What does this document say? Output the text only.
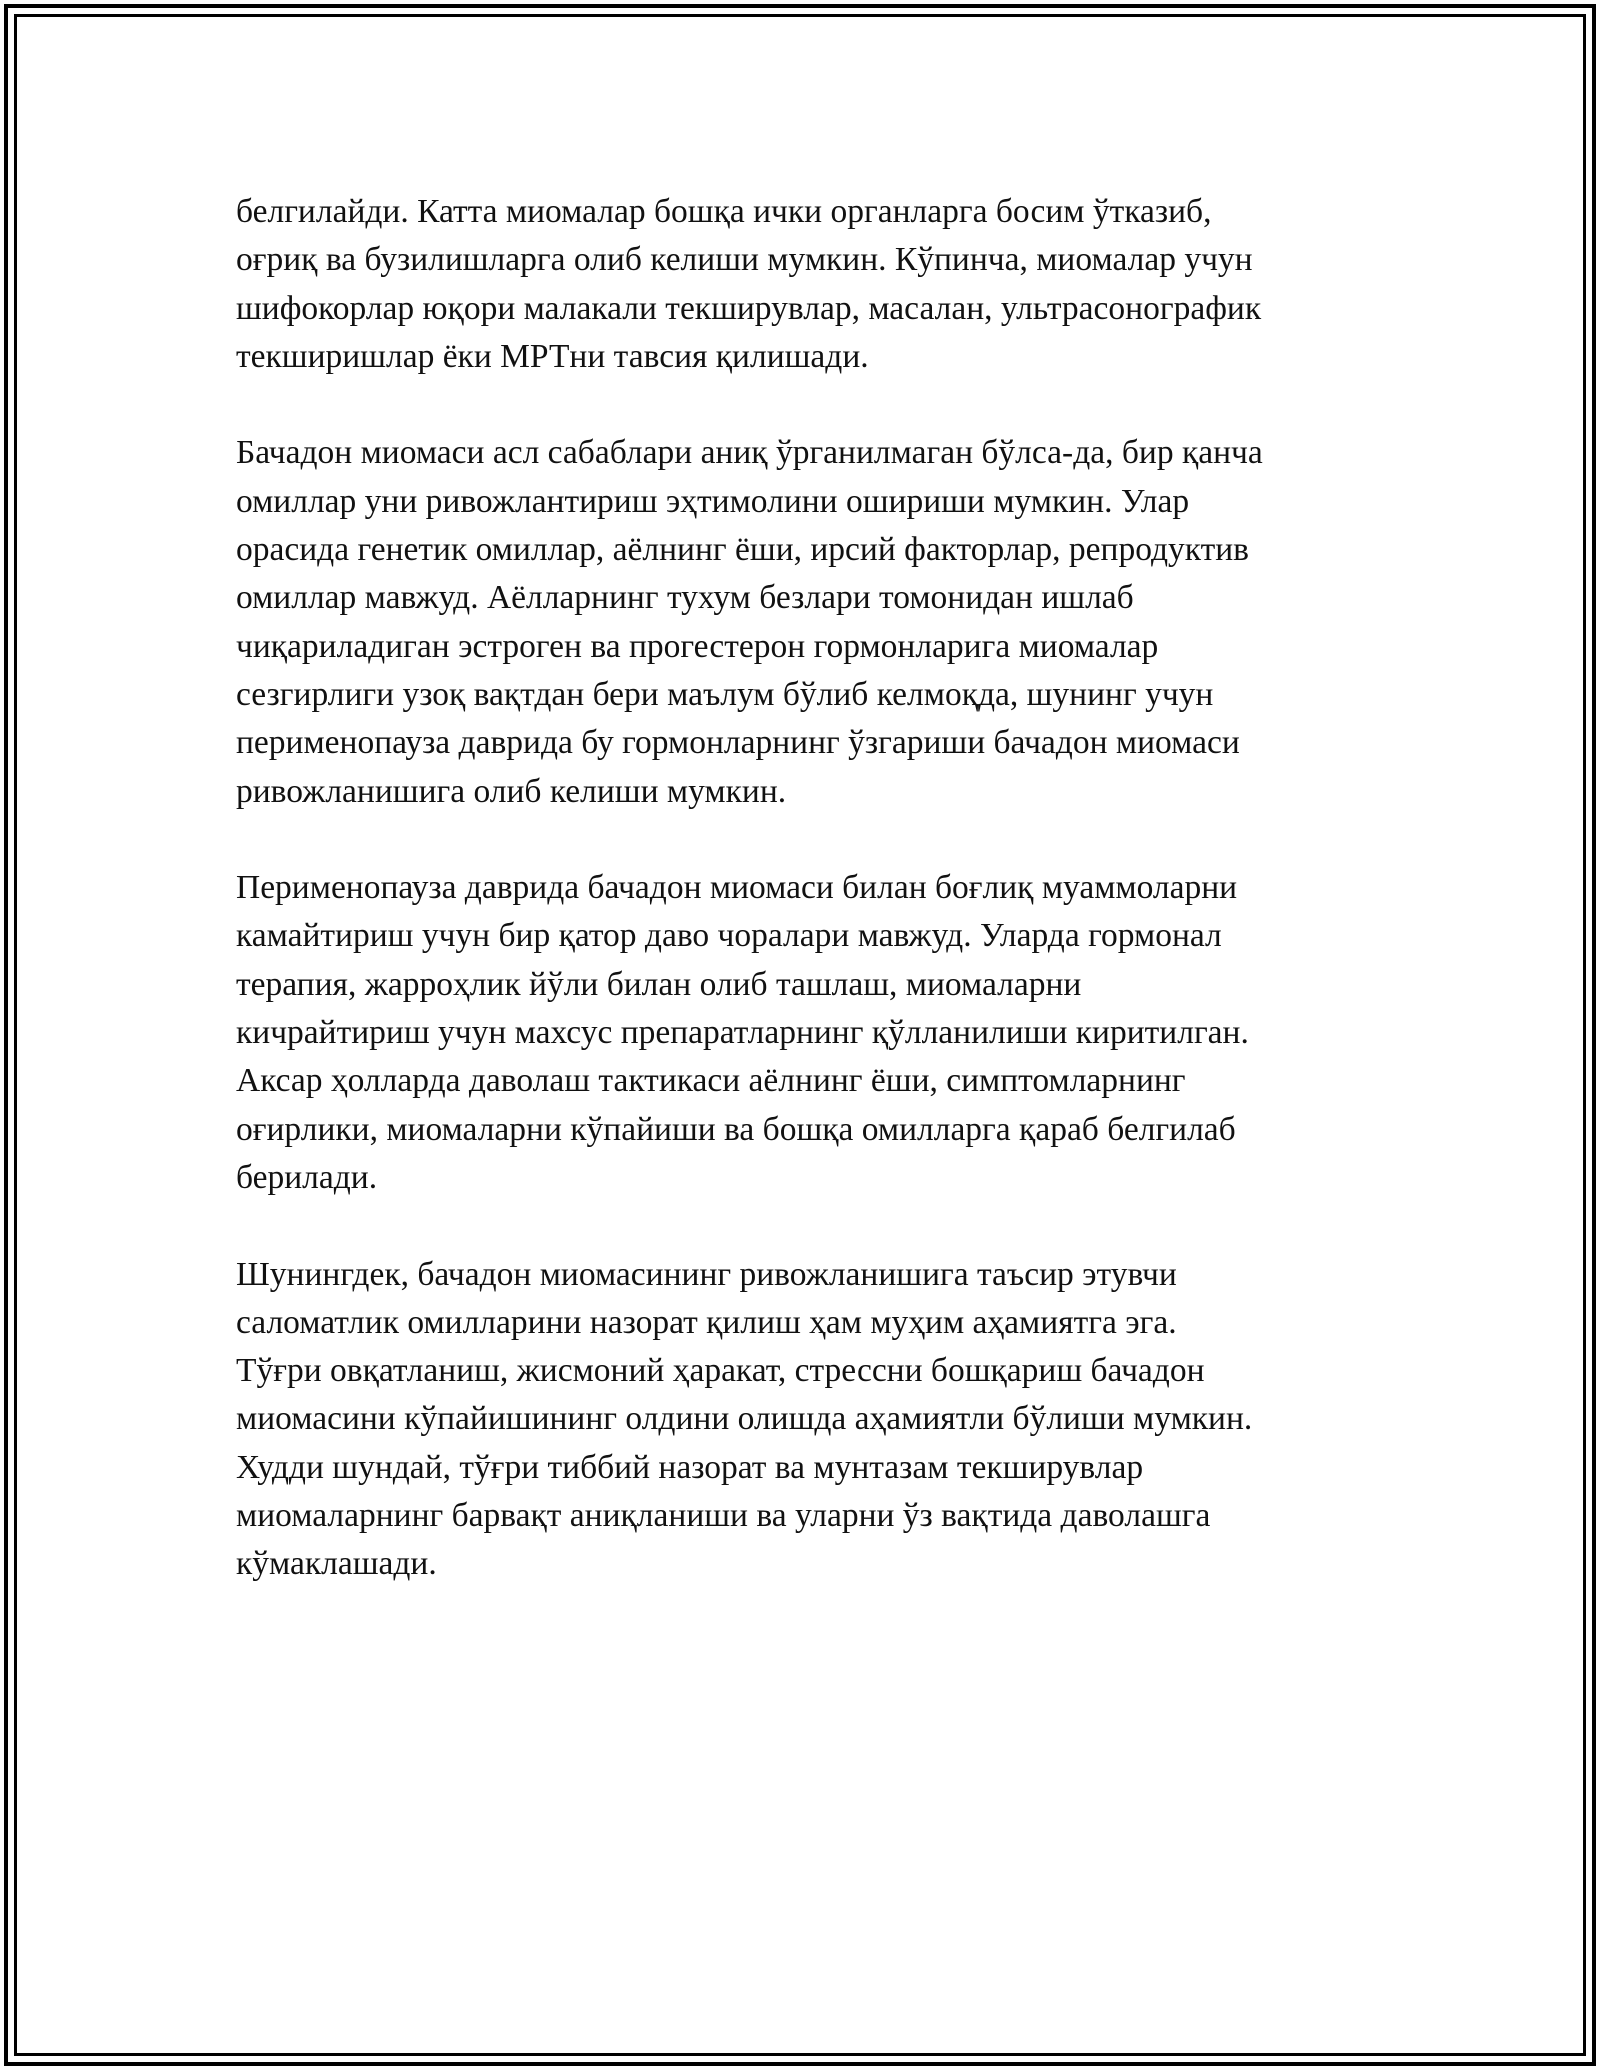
белгилайди. Катта миомалар бошқа ички органларга босим ўтказиб,
оғриқ ва бузилишларга олиб келиши мумкин. Кўпинча, миомалар учун
шифокорлар юқори малакали текширувлар, масалан, ультрасонографик
текширишлар ёки МРТни тавсия қилишади.

Бачадон миомаси асл сабаблари аниқ ўрганилмаган бўлса-да, бир қанча
омиллар уни ривожлантириш эҳтимолини ошириши мумкин. Улар
орасида генетик омиллар, аёлнинг ёши, ирсий факторлар, репродуктив
омиллар мавжуд. Аёлларнинг тухум безлари томонидан ишлаб
чиқариладиган эстроген ва прогестерон гормонларига миомалар
сезгирлиги узоқ вақтдан бери маълум бўлиб келмоқда, шунинг учун
перименопауза даврида бу гормонларнинг ўзгариши бачадон миомаси
ривожланишига олиб келиши мумкин.

Перименопауза даврида бачадон миомаси билан боғлиқ муаммоларни
камайтириш учун бир қатор даво чоралари мавжуд. Уларда гормонал
терапия, жарроҳлик йўли билан олиб ташлаш, миомаларни
кичрайтириш учун махсус препаратларнинг қўлланилиши киритилган.
Аксар ҳолларда даволаш тактикаси аёлнинг ёши, симптомларнинг
оғирлики, миомаларни кўпайиши ва бошқа омилларга қараб белгилаб
берилади.

Шунингдек, бачадон миомасининг ривожланишига таъсир этувчи
саломатлик омилларини назорат қилиш ҳам муҳим аҳамиятга эга.
Тўғри овқатланиш, жисмоний ҳаракат, стрессни бошқариш бачадон
миомасини кўпайишининг олдини олишда аҳамиятли бўлиши мумкин.
Худди шундай, тўғри тиббий назорат ва мунтазам текширувлар
миомаларнинг барвақт аниқланиши ва уларни ўз вақтида даволашга
кўмаклашади.
